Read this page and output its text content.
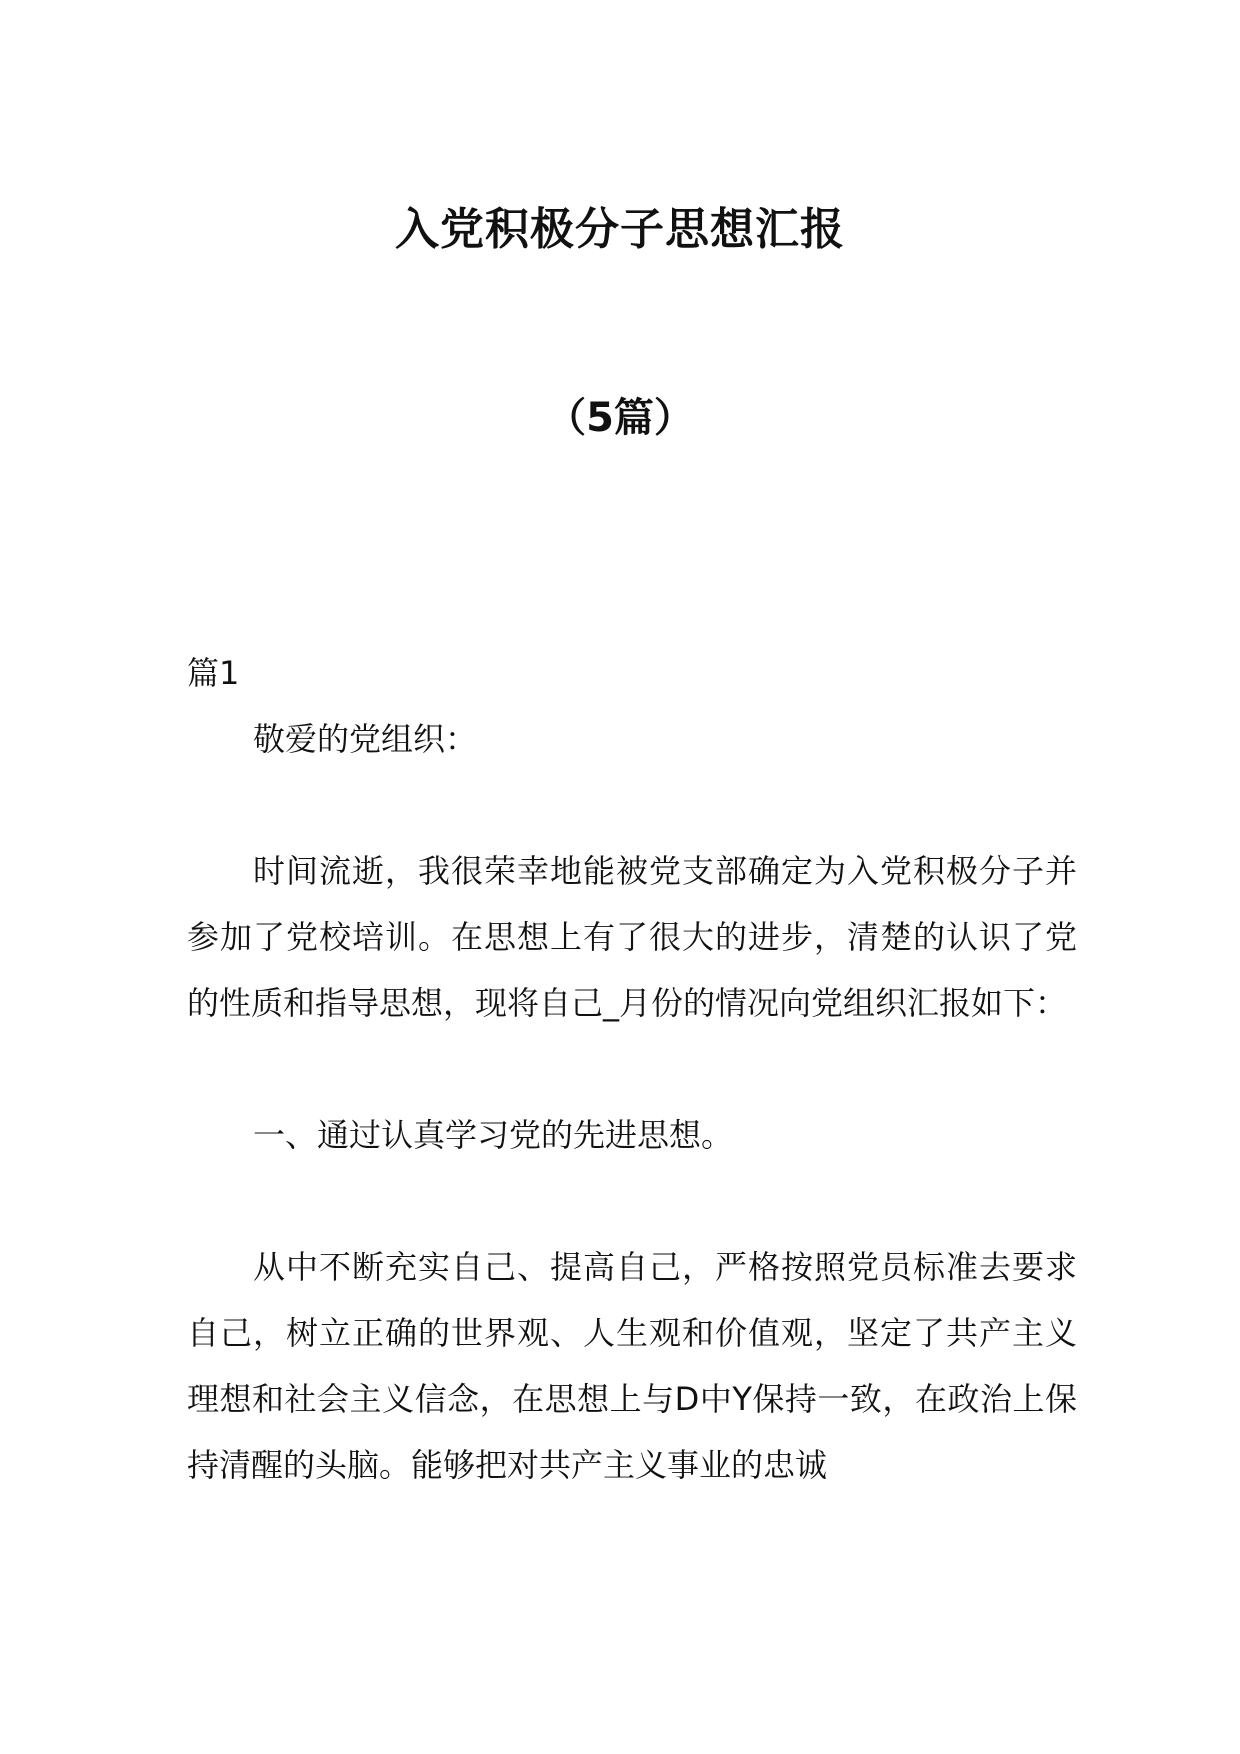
入党积极分子思想汇报
（5篇）

篇1

敬爱的党组织：

时间流逝，我很荣幸地能被党支部确定为入党积极分子并参加了党校培训。在思想上有了很大的进步，清楚的认识了党的性质和指导思想，现将自己_月份的情况向党组织汇报如下：

一、通过认真学习党的先进思想。

从中不断充实自己、提高自己，严格按照党员标准去要求自己，树立正确的世界观、人生观和价值观，坚定了共产主义理想和社会主义信念，在思想上与D中Y保持一致，在政治上保持清醒的头脑。能够把对共产主义事业的忠诚
